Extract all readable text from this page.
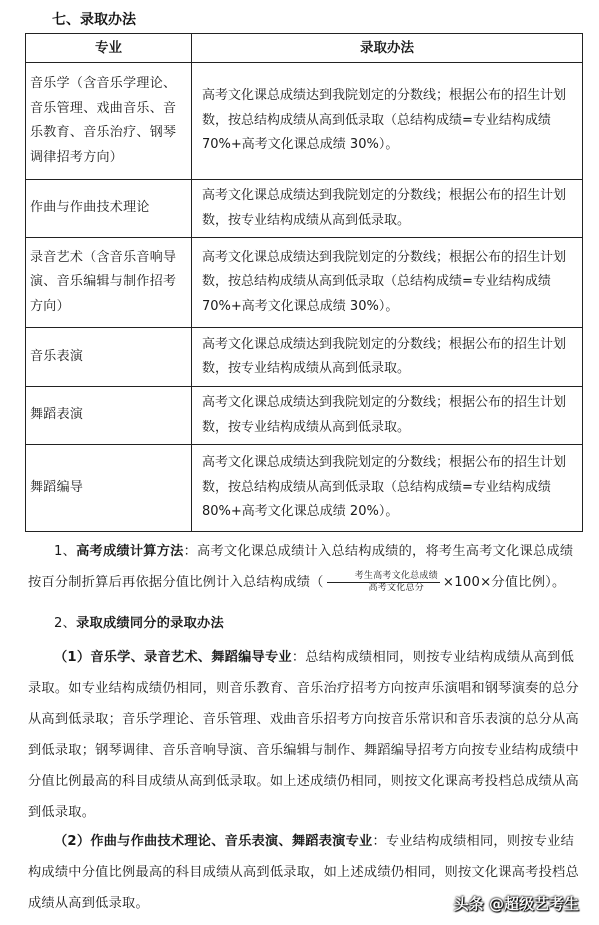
七、录取办法
专业	录取办法
音乐学（含音乐学理论、音乐管理、戏曲音乐、音乐教育、音乐治疗、钢琴调律招考方向）	高考文化课总成绩达到我院划定的分数线；根据公布的招生计划数，按总结构成绩从高到低录取（总结构成绩=专业结构成绩 70%+高考文化课总成绩 30%）。
作曲与作曲技术理论	高考文化课总成绩达到我院划定的分数线；根据公布的招生计划数，按专业结构成绩从高到低录取。
录音艺术（含音乐音响导演、音乐编辑与制作招考方向）	高考文化课总成绩达到我院划定的分数线；根据公布的招生计划数，按总结构成绩从高到低录取（总结构成绩=专业结构成绩 70%+高考文化课总成绩 30%）。
音乐表演	高考文化课总成绩达到我院划定的分数线；根据公布的招生计划数，按专业结构成绩从高到低录取。
舞蹈表演	高考文化课总成绩达到我院划定的分数线；根据公布的招生计划数，按专业结构成绩从高到低录取。
舞蹈编导	高考文化课总成绩达到我院划定的分数线；根据公布的招生计划数，按总结构成绩从高到低录取（总结构成绩=专业结构成绩 80%+高考文化课总成绩 20%）。
1、高考成绩计算方法：高考文化课总成绩计入总结构成绩的，将考生高考文化课总成绩按百分制折算后再依据分值比例计入总结构成绩（ $\frac{\text{考生高考文化总成绩}}{\text{高考文化总分}} \times 100\times$分值比例）。
2、录取成绩同分的录取办法
（1）音乐学、录音艺术、舞蹈编导专业：总结构成绩相同，则按专业结构成绩从高到低录取。如专业结构成绩仍相同，则音乐教育、音乐治疗招考方向按声乐演唱和钢琴演奏的总分从高到低录取；音乐学理论、音乐管理、戏曲音乐招考方向按音乐常识和音乐表演的总分从高到低录取；钢琴调律、音乐音响导演、音乐编辑与制作、舞蹈编导招考方向按专业结构成绩中分值比例最高的科目成绩从高到低录取。如上述成绩仍相同，则按文化课高考投档总成绩从高到低录取。
（2）作曲与作曲技术理论、音乐表演、舞蹈表演专业：专业结构成绩相同，则按专业结构成绩中分值比例最高的科目成绩从高到低录取，如上述成绩仍相同，则按文化课高考投档总成绩从高到低录取。	头条 @超级艺考生
